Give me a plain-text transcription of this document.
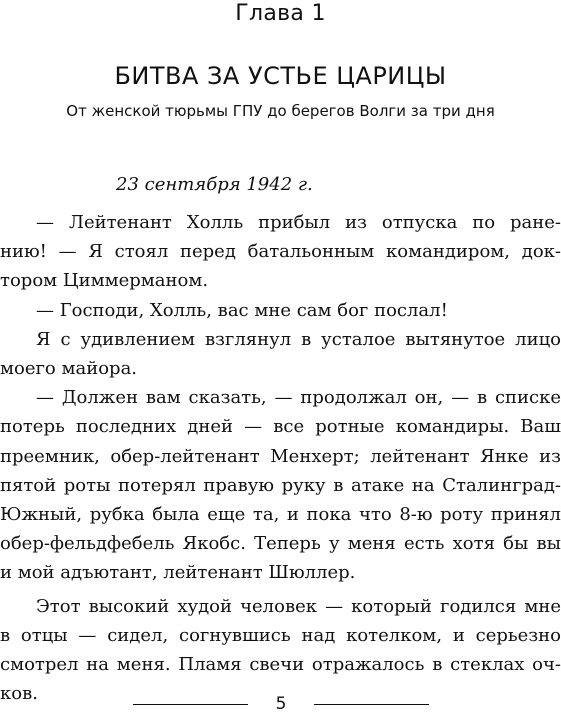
Глава 1
БИТВА ЗА УСТЬЕ ЦАРИЦЫ
От женской тюрьмы ГПУ до берегов Волги за три дня

23 сентября 1942 г.

— Лейтенант Холль прибыл из отпуска по ране-
нию! — Я стоял перед батальонным командиром, док-
тором Циммерманом.

— Господи, Холль, вас мне сам бог послал!

Я с удивлением взглянул в усталое вытянутое лицо
моего майора.

— Должен вам сказать, — продолжал он, — в списке
потерь последних дней — все ротные командиры. Ваш
преемник, обер-лейтенант Менхерт; лейтенант Янке из
пятой роты потерял правую руку в атаке на Сталинград-
Южный, рубка была еще та, и пока что 8-ю роту принял
обер-фельдфебель Якобс. Теперь у меня есть хотя бы вы
и мой адъютант, лейтенант Шюллер.

Этот высокий худой человек — который годился мне
в отцы — сидел, согнувшись над котелком, и серьезно
смотрел на меня. Пламя свечи отражалось в стеклах оч-
ков.	5
